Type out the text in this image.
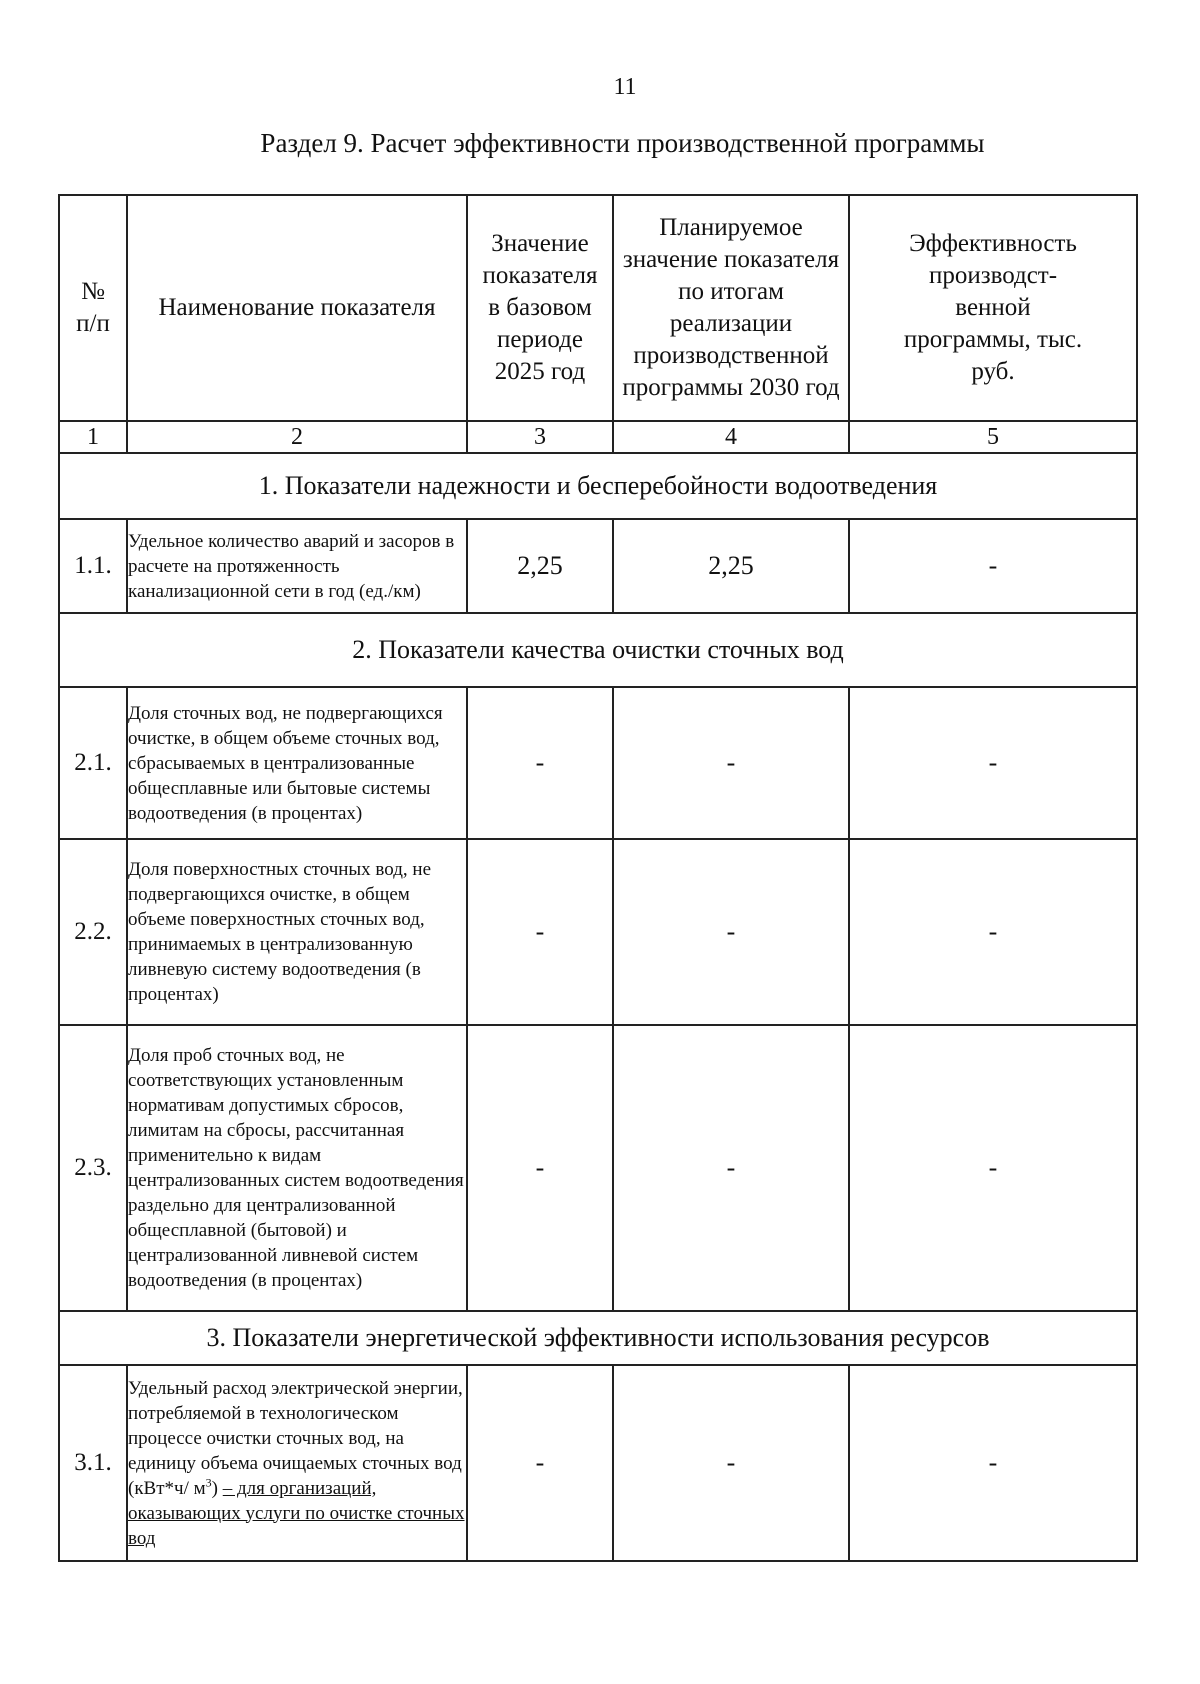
11
Раздел 9. Расчет эффективности производственной программы
№ п/п	Наименование показателя	Значение показателя в базовом периоде 2025 год	Планируемое значение показателя по итогам реализации производственной программы 2030 год	Эффективность производст- венной программы, тыс. руб.
1	2	3	4	5
1. Показатели надежности и бесперебойности водоотведения				
1.1.	Удельное количество аварий и засоров в расчете на протяженность канализационной сети в год (ед./км)	2,25	2,25	-
2. Показатели качества очистки сточных вод				
2.1.	Доля сточных вод, не подвергающихся очистке, в общем объеме сточных вод, сбрасываемых в централизованные общесплавные или бытовые системы водоотведения (в процентах)	-	-	-
2.2.	Доля поверхностных сточных вод, не подвергающихся очистке, в общем объеме поверхностных сточных вод, принимаемых в централизованную ливневую систему водоотведения (в процентах)	-	-	-
2.3.	Доля проб сточных вод, не соответствующих установленным нормативам допустимых сбросов, лимитам на сбросы, рассчитанная применительно к видам централизованных систем водоотведения раздельно для централизованной общесплавной (бытовой) и централизованной ливневой систем водоотведения (в процентах)	-	-	-
3. Показатели энергетической эффективности использования ресурсов				
3.1.	Удельный расход электрической энергии, потребляемой в технологическом процессе очистки сточных вод, на единицу объема очищаемых сточных вод (кВт*ч/ $м^3$) – для организаций, оказывающих услуги по очистке сточных вод	-	-	-
